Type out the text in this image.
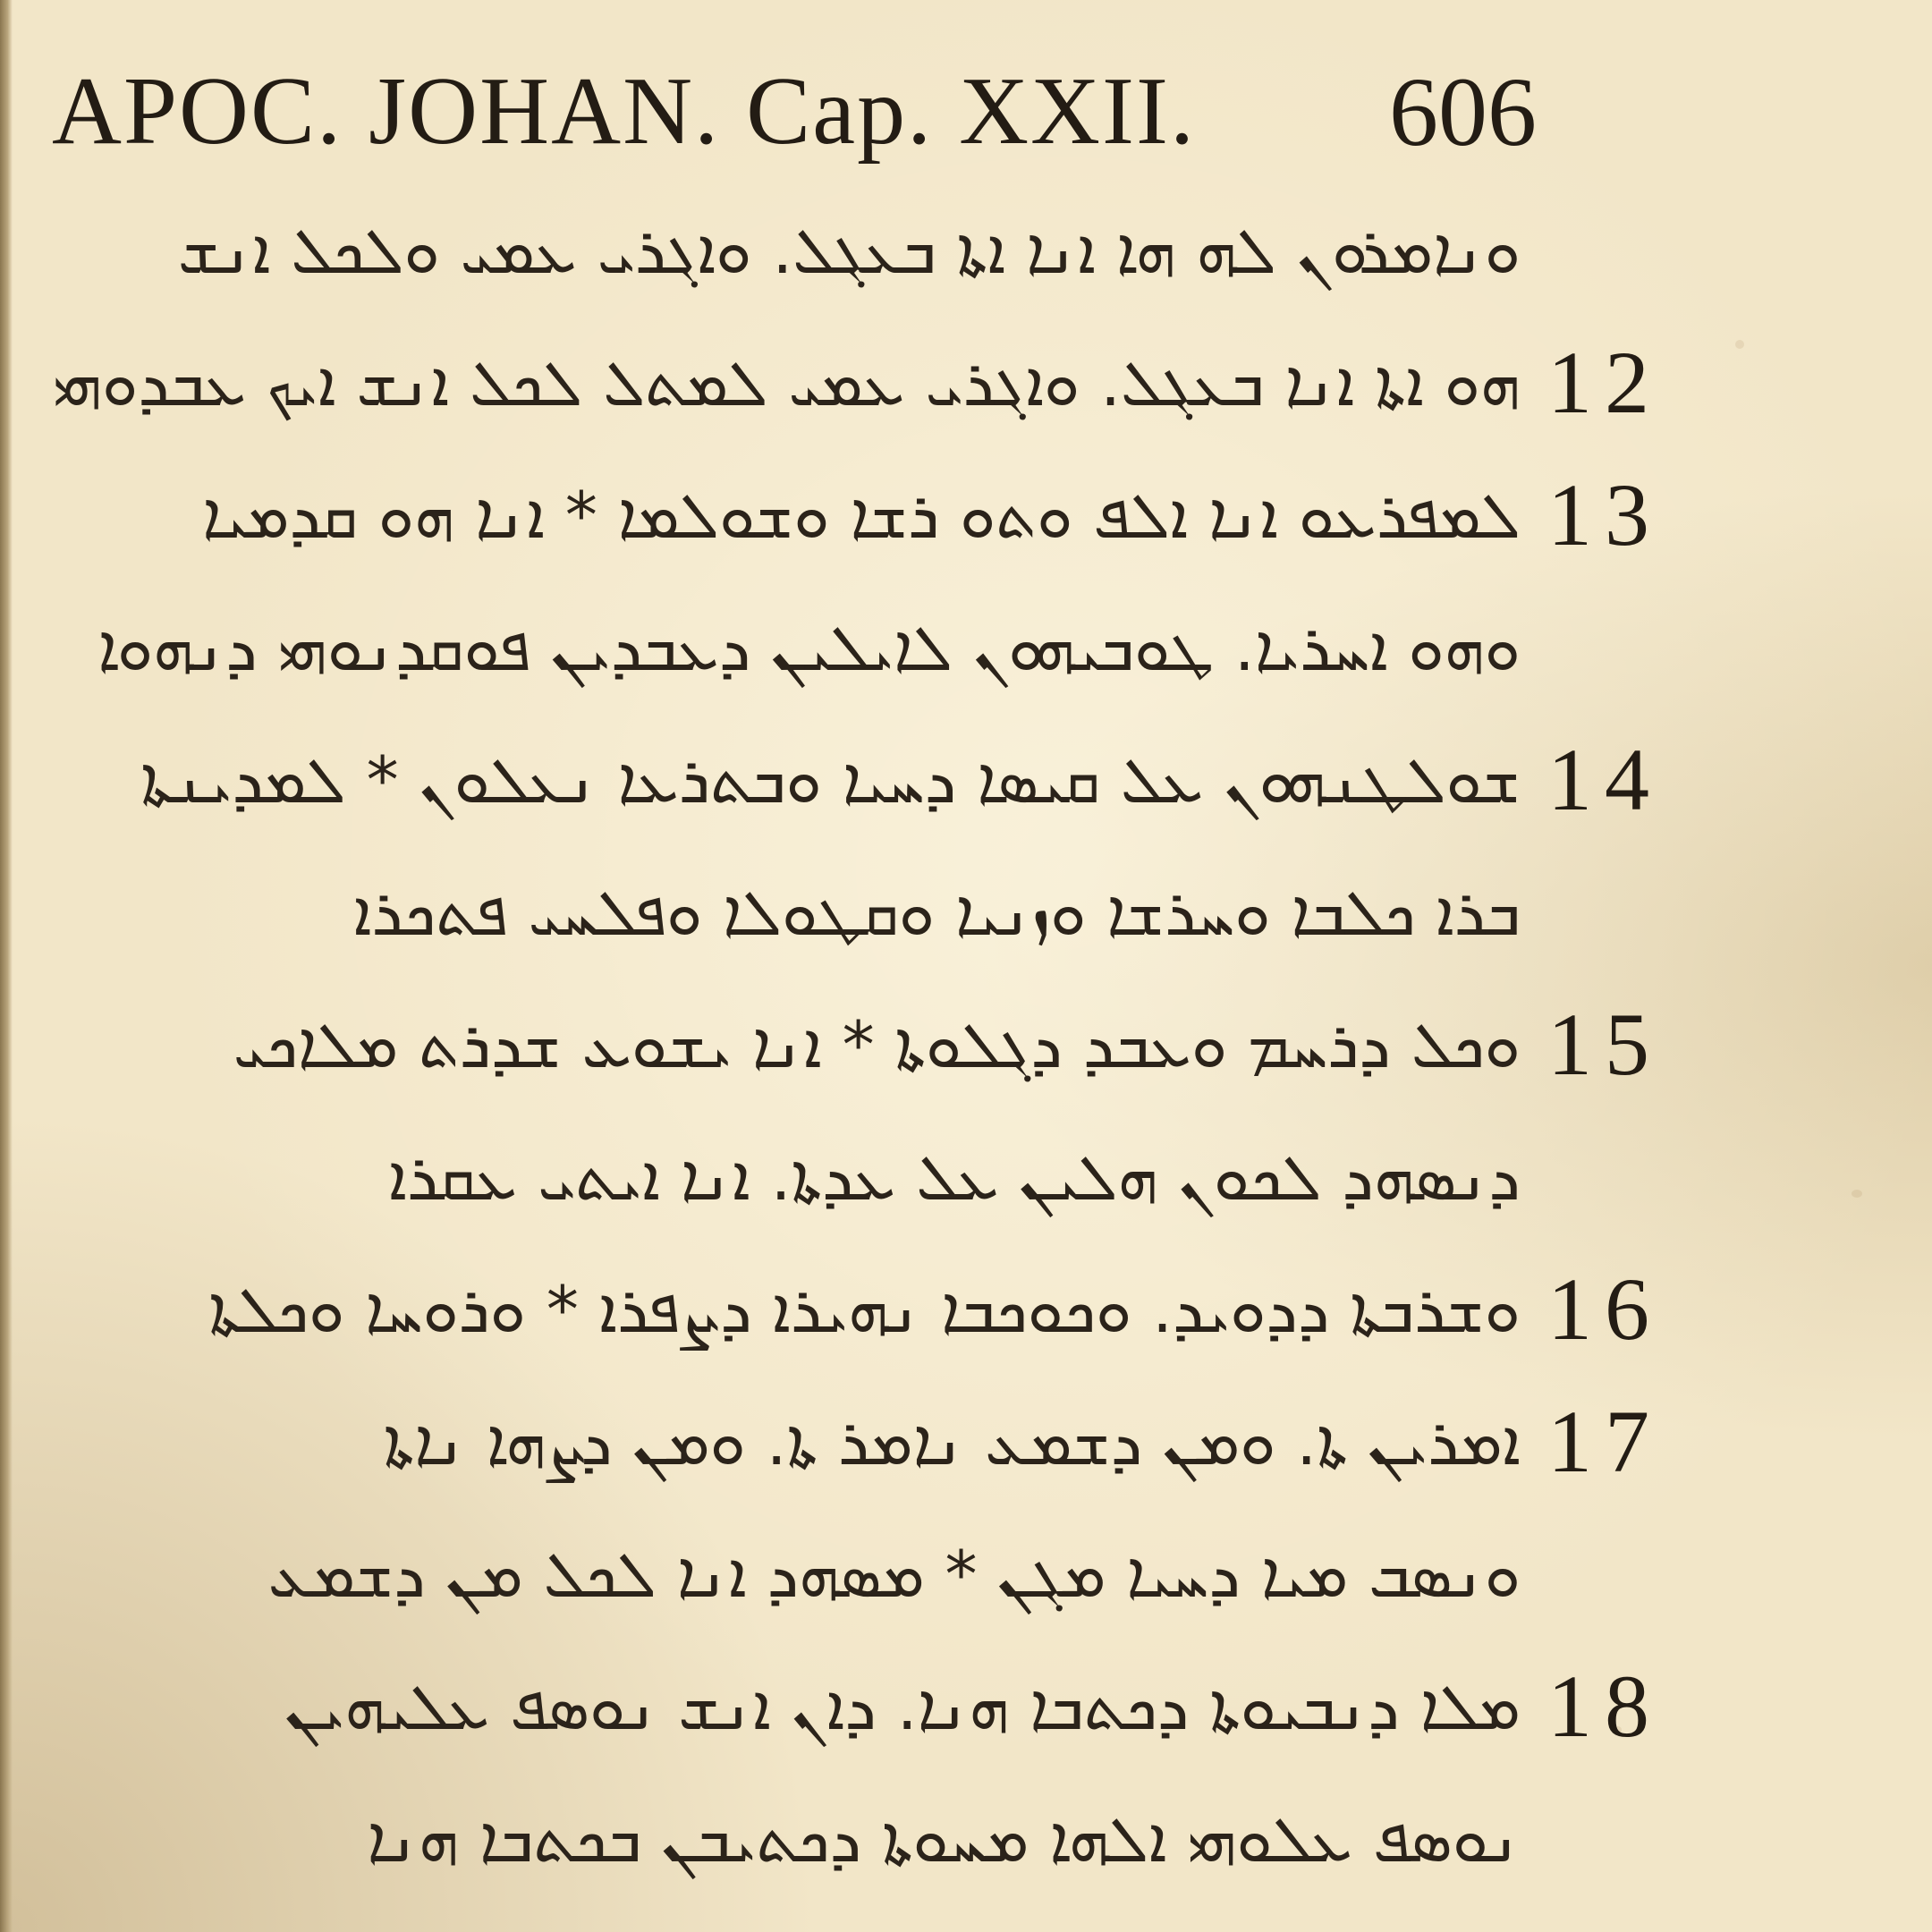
APOC. JOHAN. Cap. XXII. 606
ܘܢܐܡܪܘܢ ܠܗ ܗܐ ܐܢܐ ܐܬܐ ܒܥܓܠ. ܘܐܓܪܝ ܥܡܝ ܘܠܟܠ ܐܢܫ
ܗܘ ܐܬܐ ܐܢܐ ܒܥܓܠ. ܘܐܓܪܝ ܥܡܝ ܠܡܬܠ ܠܟܠ ܐܢܫ ܐܝܟ ܥܒܕܘܗܝ 12
ܠܡܦܪܥܘ ܐܢܐ ܐܠܦ ܘܬܘ ܪܫܐ ܘܫܘܠܡܐ * ܐܢܐ ܗܘ ܩܕܡܝܐ 13
ܘܗܘ ܐܚܪܝܐ. ܛܘܒܝܗܘܢ ܠܐܝܠܝܢ ܕܥܒܕܝܢ ܦܘܩܕܢܘܗܝ ܕܢܗܘܐ
ܫܘܠܛܢܗܘܢ ܥܠ ܩܝܣܐ ܕܚܝܐ ܘܒܬܪܥܐ ܢܥܠܘܢ * ܠܡܕܝܢܬܐ 14
ܒܪܐ ܟܠܒܐ ܘܚܪܫܐ ܘܙܢܝܐ ܘܩܛܘܠܐ ܘܦܠܚܝ ܦܬܟܪܐ
ܘܟܠ ܕܪܚܡ ܘܥܒܕ ܕܓܠܘܬܐ * ܐܢܐ ܝܫܘܥ ܫܕܪܬ ܡܠܐܟܝ 15
ܕܢܣܗܕ ܠܟܘܢ ܗܠܝܢ ܥܠ ܥܕܬܐ. ܐܢܐ ܐܝܬܝ ܥܩܪܐ
ܘܫܪܒܬܐ ܕܕܘܝܕ. ܘܟܘܟܒܐ ܢܗܝܪܐ ܕܨܦܪܐ * ܘܪܘܚܐ ܘܟܠܬܐ 16
ܐܡܪܝܢ ܬܐ. ܘܡܢ ܕܫܡܥ ܢܐܡܪ ܬܐ. ܘܡܢ ܕܨܗܐ ܢܐܬܐ 17
ܘܢܣܒ ܡܝܐ ܕܚܝܐ ܡܓܢ * ܡܣܗܕ ܐܢܐ ܠܟܠ ܡܢ ܕܫܡܥ
ܡܠܐ ܕܢܒܝܘܬܐ ܕܟܬܒܐ ܗܢܐ. ܕܐܢ ܐܢܫ ܢܘܣܦ ܥܠܝܗܝܢ 18
ܢܘܣܦ ܥܠܘܗܝ ܐܠܗܐ ܡܚܘܬܐ ܕܟܬܝܒܢ ܒܟܬܒܐ ܗܢܐ
